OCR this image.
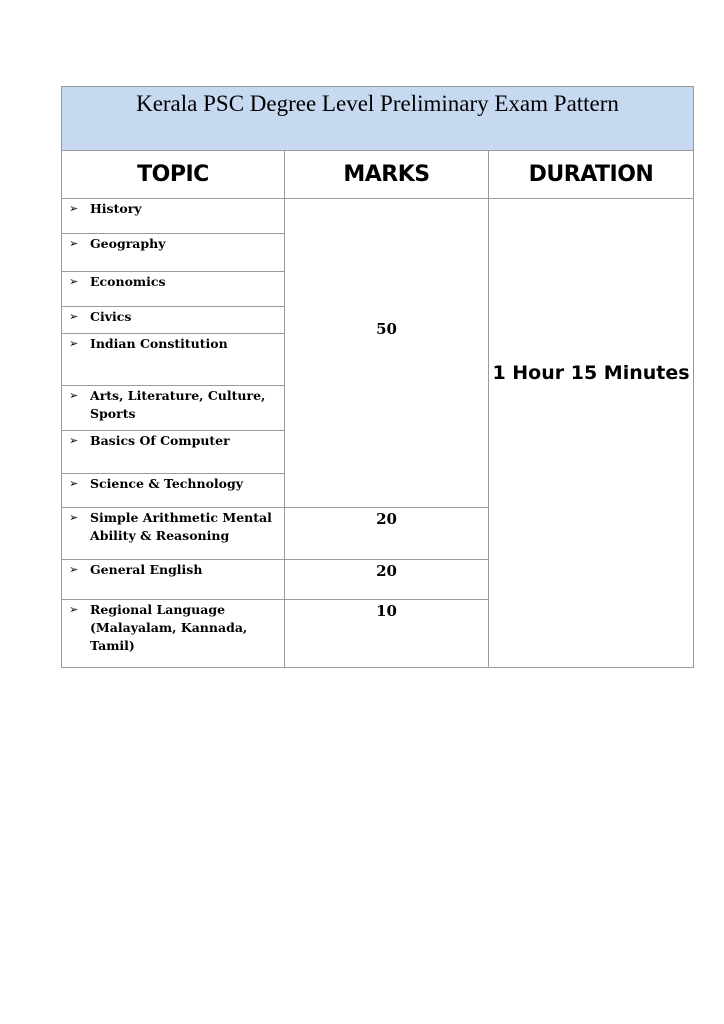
Kerala PSC Degree Level Preliminary Exam Pattern		
TOPIC	MARKS	DURATION

➢ History	50	1 Hour 15 Minutes

➢ Geography		

➢ Economics		

➢ Civics		

➢ Indian Constitution		

➢ Arts, Literature, Culture, Sports		

➢ Basics Of Computer		

➢ Science & Technology		

➢ Simple Arithmetic Mental Ability & Reasoning	20	

➢ General English	20	

➢ Regional Language (Malayalam, Kannada, Tamil)	10	
